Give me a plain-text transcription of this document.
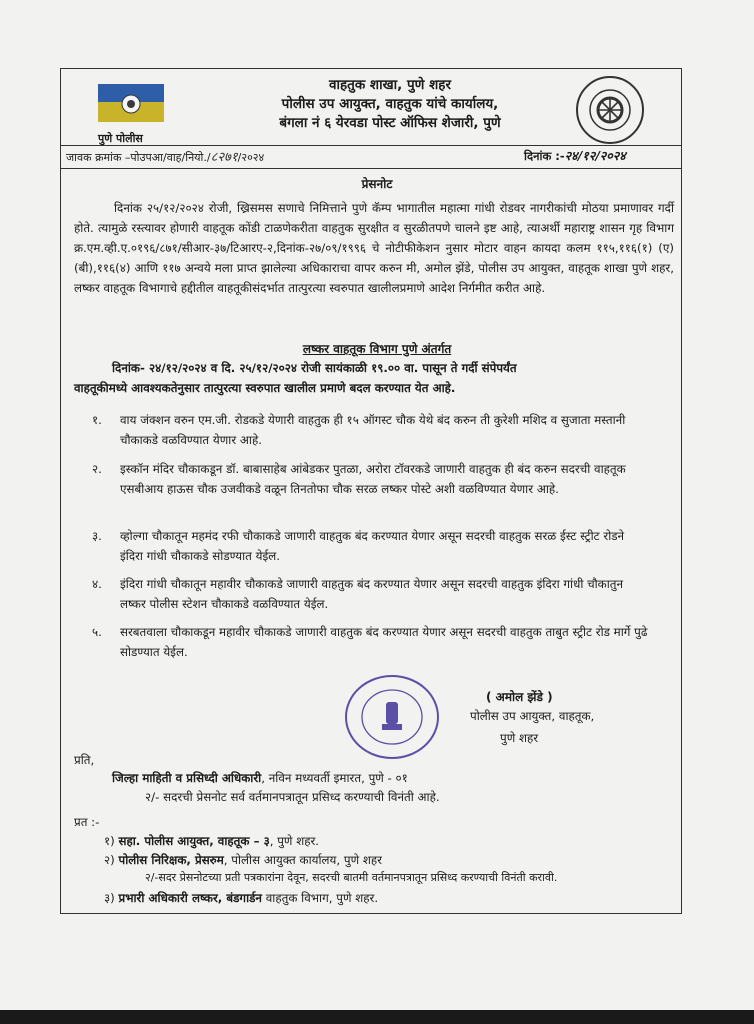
पुणे पोलीस
वाहतुक शाखा, पुणे शहर
पोलीस उप आयुक्त, वाहतुक यांचे कार्यालय,
बंगला नं ६ येरवडा पोस्ट ऑफिस शेजारी, पुणे
जावक क्रमांक –पोउपआ/वाह/नियो./८२७१/२०२४	दिनांक :-२४/१२/२०२४
प्रेसनोट
दिनांक २५/१२/२०२४ रोजी, ख्रिसमस सणाचे निमित्ताने पुणे कॅम्प भागातील महात्मा गांधी रोडवर नागरीकांची मोठया प्रमाणावर गर्दी होते. त्यामुळे रस्त्यावर होणारी वाहतूक कोंडी टाळणेकरीता वाहतुक सुरक्षीत व सुरळीतपणे चालने इष्ट आहे, त्याअर्थी महाराष्ट्र शासन गृह विभाग क्र.एम.व्ही.ए.०१९६/८७१/सीआर-३७/टिआरए-२,दिनांक-२७/०९/१९९६ चे नोटीफीकेशन नुसार मोटार वाहन कायदा कलम ११५,११६(१) (ए) (बी),११६(४) आणि ११७ अन्वये मला प्राप्त झालेल्या अधिकाराचा वापर करुन मी, अमोल झेंडे, पोलीस उप आयुक्त, वाहतूक शाखा पुणे शहर, लष्कर वाहतूक विभागाचे हद्दीतील वाहतूकीसंदर्भात तात्पुरत्या स्वरुपात खालीलप्रमाणे आदेश निर्गमीत करीत आहे.
लष्कर वाहतूक विभाग पुणे अंतर्गत
दिनांक- २४/१२/२०२४ व दि. २५/१२/२०२४ रोजी सायंकाळी १९.०० वा. पासून ते गर्दी संपेपर्यंत
वाहतूकीमध्ये आवश्यकतेनुसार तात्पुरत्या स्वरुपात खालील प्रमाणे बदल करण्यात येत आहे.
१. वाय जंक्शन वरुन एम.जी. रोडकडे येणारी वाहतुक ही १५ ऑगस्ट चौक येथे बंद करुन ती कुरेशी मशिद व सुजाता मस्तानी चौकाकडे वळविण्यात येणार आहे.
२. इस्कॉन मंदिर चौकाकडून डॉ. बाबासाहेब आंबेडकर पुतळा, अरोरा टॉवरकडे जाणारी वाहतुक ही बंद करुन सदरची वाहतूक एसबीआय हाऊस चौक उजवीकडे वळून तिनतोफा चौक सरळ लष्कर पोस्टे अशी वळविण्यात येणार आहे.
३. व्होल्गा चौकातून महमंद रफी चौकाकडे जाणारी वाहतुक बंद करण्यात येणार असून सदरची वाहतुक सरळ ईस्ट स्ट्रीट रोडने इंदिरा गांधी चौकाकडे सोडण्यात येईल.
४. इंदिरा गांधी चौकातून महावीर चौकाकडे जाणारी वाहतुक बंद करण्यात येणार असून सदरची वाहतुक इंदिरा गांधी चौकातुन लष्कर पोलीस स्टेशन चौकाकडे वळविण्यात येईल.
५. सरबतवाला चौकाकडून महावीर चौकाकडे जाणारी वाहतुक बंद करण्यात येणार असून सदरची वाहतुक ताबुत स्ट्रीट रोड मार्गे पुढे सोडण्यात येईल.
( अमोल झेंडे )
पोलीस उप आयुक्त, वाहतूक,
पुणे शहर
प्रति,
जिल्हा माहिती व प्रसिध्दी अधिकारी, नविन मध्यवर्ती इमारत, पुणे - ०१
२/- सदरची प्रेसनोट सर्व वर्तमानपत्रातून प्रसिध्द करण्याची विनंती आहे.
प्रत :-
१) सहा. पोलीस आयुक्त, वाहतूक – ३, पुणे शहर.
२) पोलीस निरिक्षक, प्रेसरुम, पोलीस आयुक्त कार्यालय, पुणे शहर
२/-सदर प्रेसनोटच्या प्रती पत्रकारांना देवून, सदरची बातमी वर्तमानपत्रातून प्रसिध्द करण्याची विनंती करावी.
३) प्रभारी अधिकारी लष्कर, बंडगार्डन वाहतुक विभाग, पुणे शहर.
